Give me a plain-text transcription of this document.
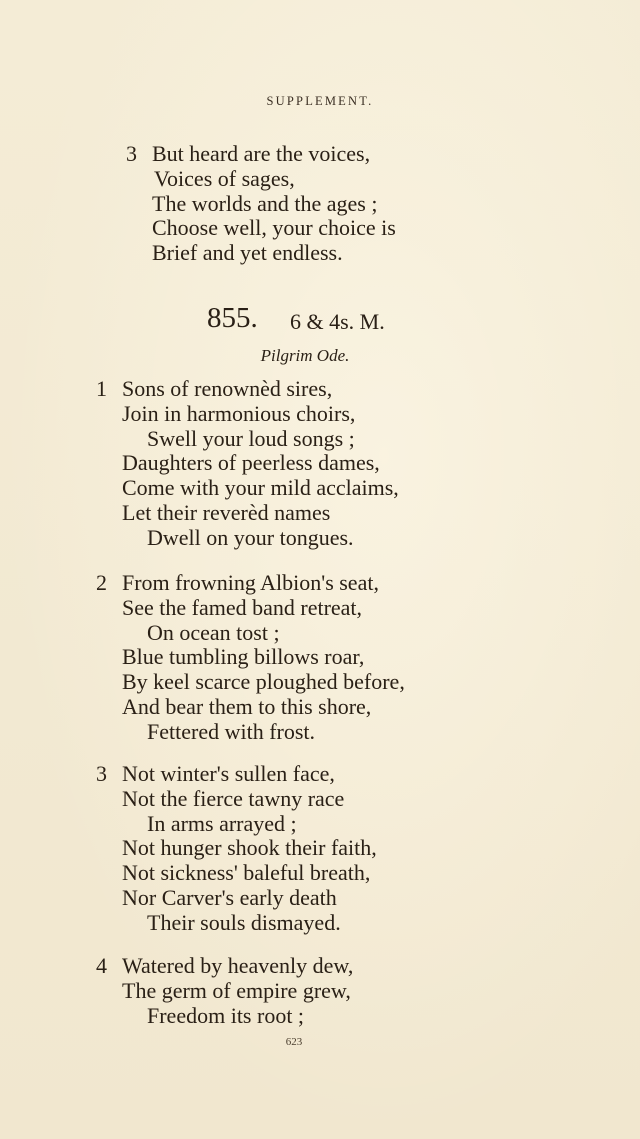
SUPPLEMENT.
3 But heard are the voices,
Voices of sages,
The worlds and the ages ;
Choose well, your choice is
Brief and yet endless.
855. 6 & 4s. M.
Pilgrim Ode.
1 Sons of renownèd sires,
Join in harmonious choirs,
Swell your loud songs ;
Daughters of peerless dames,
Come with your mild acclaims,
Let their reverèd names
Dwell on your tongues.
2 From frowning Albion's seat,
See the famed band retreat,
On ocean tost ;
Blue tumbling billows roar,
By keel scarce ploughed before,
And bear them to this shore,
Fettered with frost.
3 Not winter's sullen face,
Not the fierce tawny race
In arms arrayed ;
Not hunger shook their faith,
Not sickness' baleful breath,
Nor Carver's early death
Their souls dismayed.
4 Watered by heavenly dew,
The germ of empire grew,
Freedom its root ;
623
